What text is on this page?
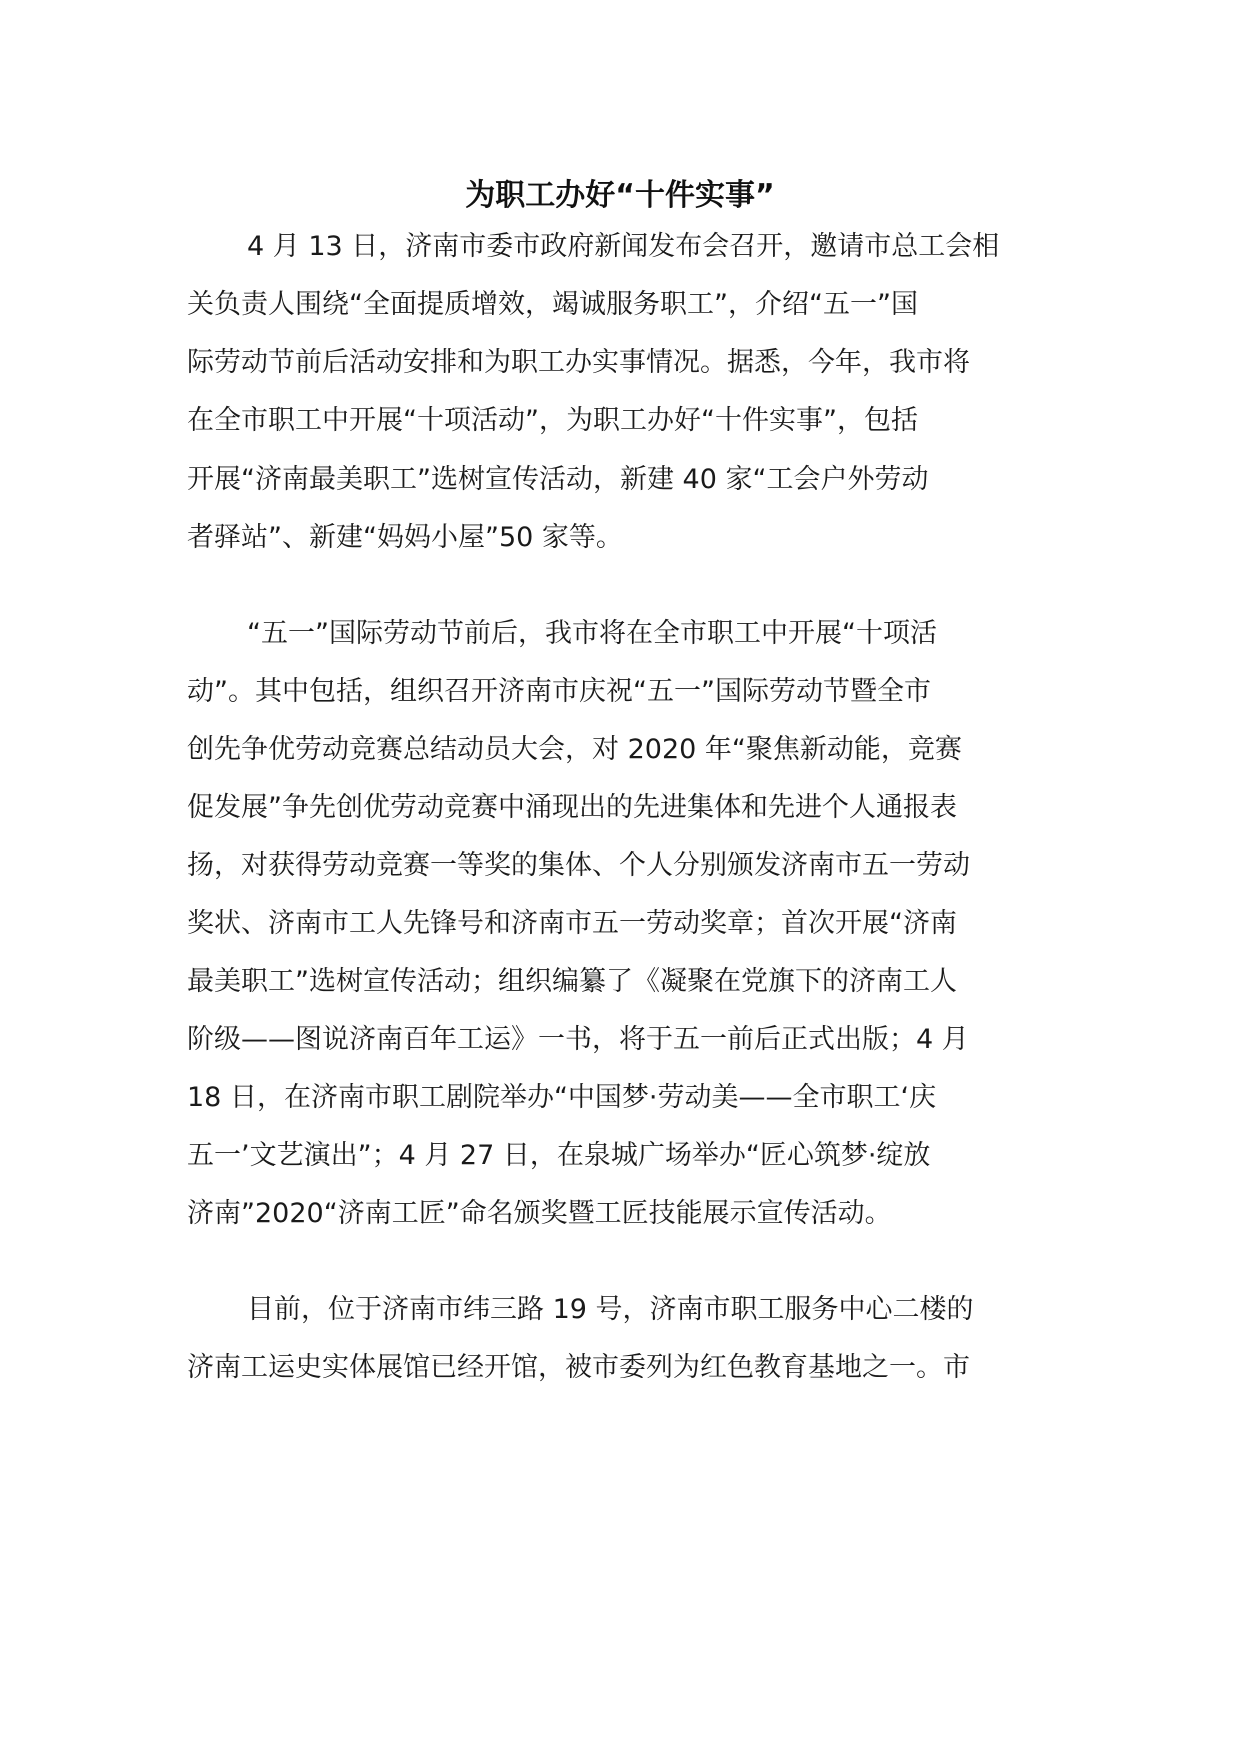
为职工办好“十件实事”
4 月 13 日，济南市委市政府新闻发布会召开，邀请市总工会相
关负责人围绕“全面提质增效，竭诚服务职工”，介绍“五一”国
际劳动节前后活动安排和为职工办实事情况。据悉，今年，我市将
在全市职工中开展“十项活动”，为职工办好“十件实事”，包括
开展“济南最美职工”选树宣传活动，新建 40 家“工会户外劳动
者驿站”、新建“妈妈小屋”50 家等。
“五一”国际劳动节前后，我市将在全市职工中开展“十项活
动”。其中包括，组织召开济南市庆祝“五一”国际劳动节暨全市
创先争优劳动竞赛总结动员大会，对 2020 年“聚焦新动能，竞赛
促发展”争先创优劳动竞赛中涌现出的先进集体和先进个人通报表
扬，对获得劳动竞赛一等奖的集体、个人分别颁发济南市五一劳动
奖状、济南市工人先锋号和济南市五一劳动奖章；首次开展“济南
最美职工”选树宣传活动；组织编纂了《凝聚在党旗下的济南工人
阶级——图说济南百年工运》一书，将于五一前后正式出版；4 月
18 日，在济南市职工剧院举办“中国梦·劳动美——全市职工‘庆
五一’文艺演出”；4 月 27 日，在泉城广场举办“匠心筑梦·绽放
济南”2020“济南工匠”命名颁奖暨工匠技能展示宣传活动。
目前，位于济南市纬三路 19 号，济南市职工服务中心二楼的
济南工运史实体展馆已经开馆，被市委列为红色教育基地之一。市
